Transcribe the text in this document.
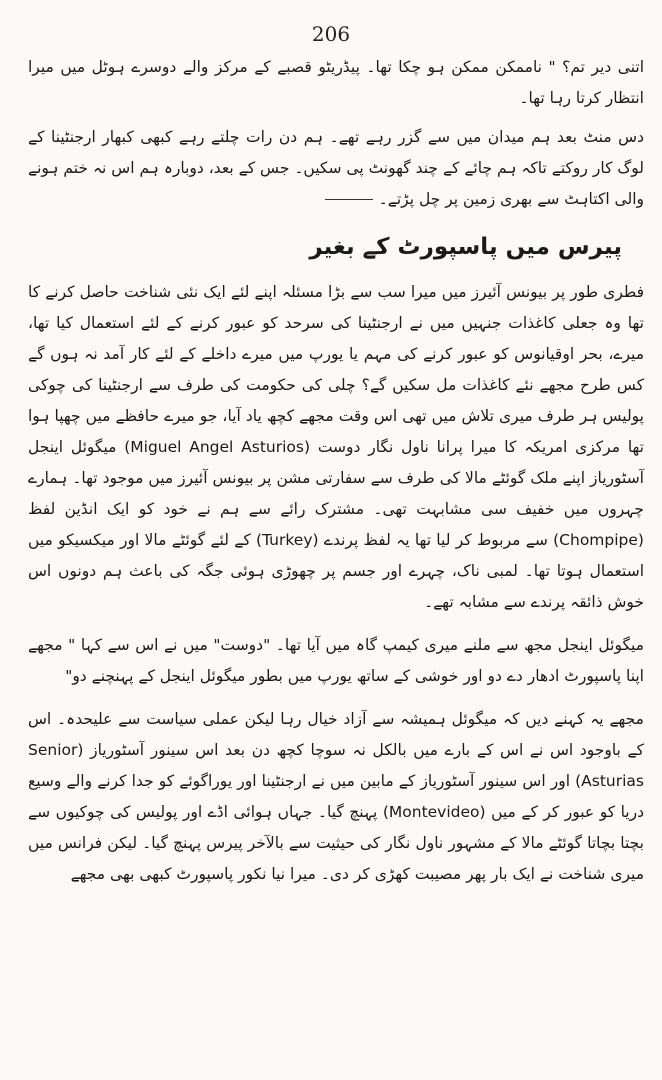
206

اتنی دیر تم؟ " ناممکن ممکن ہو چکا تھا۔ پیڈریٹو قصبے کے مرکز والے دوسرے ہوٹل میں میرا انتظار کرتا رہا تھا۔

دس منٹ بعد ہم میدان میں سے گزر رہے تھے۔ ہم دن رات چلتے رہے کبھی کبھار ارجنٹینا کے لوگ کار روکتے تاکہ ہم چائے کے چند گھونٹ پی سکیں۔ جس کے بعد، دوبارہ ہم اس نہ ختم ہونے والی اکتاہٹ سے بھری زمین پر چل پڑتے۔

پیرس میں پاسپورٹ کے بغیر

فطری طور پر بیونس آئیرز میں میرا سب سے بڑا مسئلہ اپنے لئے ایک نئی شناخت حاصل کرنے کا تھا وہ جعلی کاغذات جنہیں میں نے ارجنٹینا کی سرحد کو عبور کرنے کے لئے استعمال کیا تھا، میرے، بحر اوقیانوس کو عبور کرنے کی مہم یا یورپ میں میرے داخلے کے لئے کار آمد نہ ہوں گے کس طرح مجھے نئے کاغذات مل سکیں گے؟ چلی کی حکومت کی طرف سے ارجنٹینا کی چوکی پولیس ہر طرف میری تلاش میں تھی اس وقت مجھے کچھ یاد آیا، جو میرے حافظے میں چھپا ہوا تھا مرکزی امریکہ کا میرا پرانا ناول نگار دوست (Miguel Angel Asturios) میگوئل اینجل آسٹوریاز اپنے ملک گوئٹے مالا کی طرف سے سفارتی مشن پر بیونس آئیرز میں موجود تھا۔ ہمارے چہروں میں خفیف سی مشابہت تھی۔ مشترک رائے سے ہم نے خود کو ایک انڈین لفظ (Chompipe) سے مربوط کر لیا تھا یہ لفظ پرندے (Turkey) کے لئے گوئٹے مالا اور میکسیکو میں استعمال ہوتا تھا۔ لمبی ناک، چہرے اور جسم پر چھوڑی ہوئی جگہ کی باعث ہم دونوں اس خوش ذائقہ پرندے سے مشابہ تھے۔

میگوئل اینجل مجھ سے ملنے میری کیمپ گاہ میں آیا تھا۔ "دوست" میں نے اس سے کہا " مجھے اپنا پاسپورٹ ادھار دے دو اور خوشی کے ساتھ یورپ میں بطور میگوئل اینجل کے پہنچنے دو"

مجھے یہ کہنے دیں کہ میگوئل ہمیشہ سے آزاد خیال رہا لیکن عملی سیاست سے علیحدہ۔ اس کے باوجود اس نے اس کے بارے میں بالکل نہ سوچا کچھ دن بعد اس سینور آسٹوریاز (Senior Asturias) اور اس سینور آسٹوریاز کے مابین میں نے ارجنٹینا اور یوراگوئے کو جدا کرنے والے وسیع دریا کو عبور کر کے میں (Montevideo) پہنچ گیا۔ جہاں ہوائی اڈے اور پولیس کی چوکیوں سے بچتا بچاتا گوئٹے مالا کے مشہور ناول نگار کی حیثیت سے بالآخر پیرس پہنچ گیا۔ لیکن فرانس میں میری شناخت نے ایک بار پھر مصیبت کھڑی کر دی۔ میرا نیا نکور پاسپورٹ کبھی بھی مجھے
